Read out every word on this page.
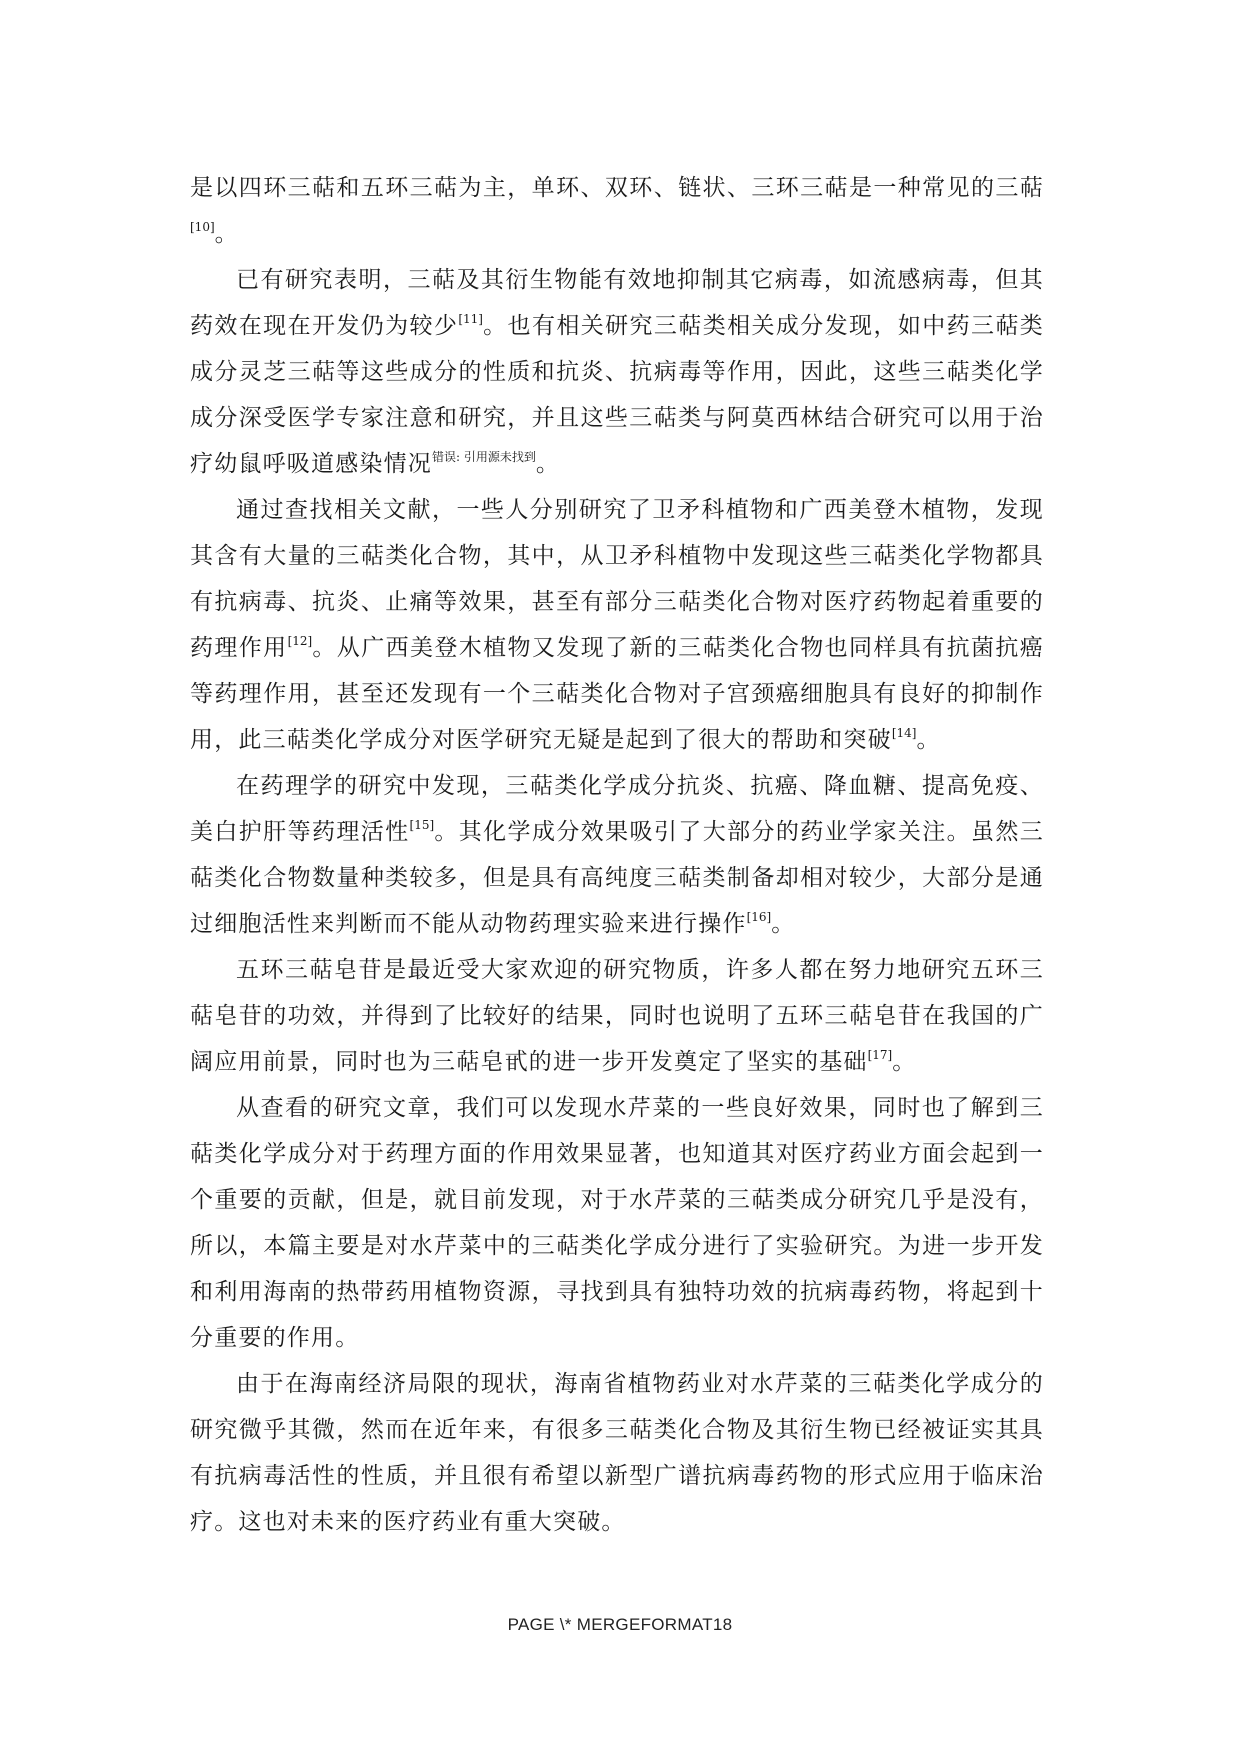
是以四环三萜和五环三萜为主，单环、双环、链状、三环三萜是一种常见的三萜[10]。

已有研究表明，三萜及其衍生物能有效地抑制其它病毒，如流感病毒，但其药效在现在开发仍为较少[11]。也有相关研究三萜类相关成分发现，如中药三萜类成分灵芝三萜等这些成分的性质和抗炎、抗病毒等作用，因此，这些三萜类化学成分深受医学专家注意和研究，并且这些三萜类与阿莫西林结合研究可以用于治疗幼鼠呼吸道感染情况$^{错误: 引用源未找到}$。

通过查找相关文献，一些人分别研究了卫矛科植物和广西美登木植物，发现其含有大量的三萜类化合物，其中，从卫矛科植物中发现这些三萜类化学物都具有抗病毒、抗炎、止痛等效果，甚至有部分三萜类化合物对医疗药物起着重要的药理作用[12]。从广西美登木植物又发现了新的三萜类化合物也同样具有抗菌抗癌等药理作用，甚至还发现有一个三萜类化合物对子宫颈癌细胞具有良好的抑制作用，此三萜类化学成分对医学研究无疑是起到了很大的帮助和突破[14]。

在药理学的研究中发现，三萜类化学成分抗炎、抗癌、降血糖、提高免疫、美白护肝等药理活性[15]。其化学成分效果吸引了大部分的药业学家关注。虽然三萜类化合物数量种类较多，但是具有高纯度三萜类制备却相对较少，大部分是通过细胞活性来判断而不能从动物药理实验来进行操作[16]。

五环三萜皂苷是最近受大家欢迎的研究物质，许多人都在努力地研究五环三萜皂苷的功效，并得到了比较好的结果，同时也说明了五环三萜皂苷在我国的广阔应用前景，同时也为三萜皂甙的进一步开发奠定了坚实的基础[17]。

从查看的研究文章，我们可以发现水芹菜的一些良好效果，同时也了解到三萜类化学成分对于药理方面的作用效果显著，也知道其对医疗药业方面会起到一个重要的贡献，但是，就目前发现，对于水芹菜的三萜类成分研究几乎是没有，所以，本篇主要是对水芹菜中的三萜类化学成分进行了实验研究。为进一步开发和利用海南的热带药用植物资源，寻找到具有独特功效的抗病毒药物，将起到十分重要的作用。

由于在海南经济局限的现状，海南省植物药业对水芹菜的三萜类化学成分的研究微乎其微，然而在近年来，有很多三萜类化合物及其衍生物已经被证实其具有抗病毒活性的性质，并且很有希望以新型广谱抗病毒药物的形式应用于临床治疗。这也对未来的医疗药业有重大突破。

PAGE \* MERGEFORMAT18
